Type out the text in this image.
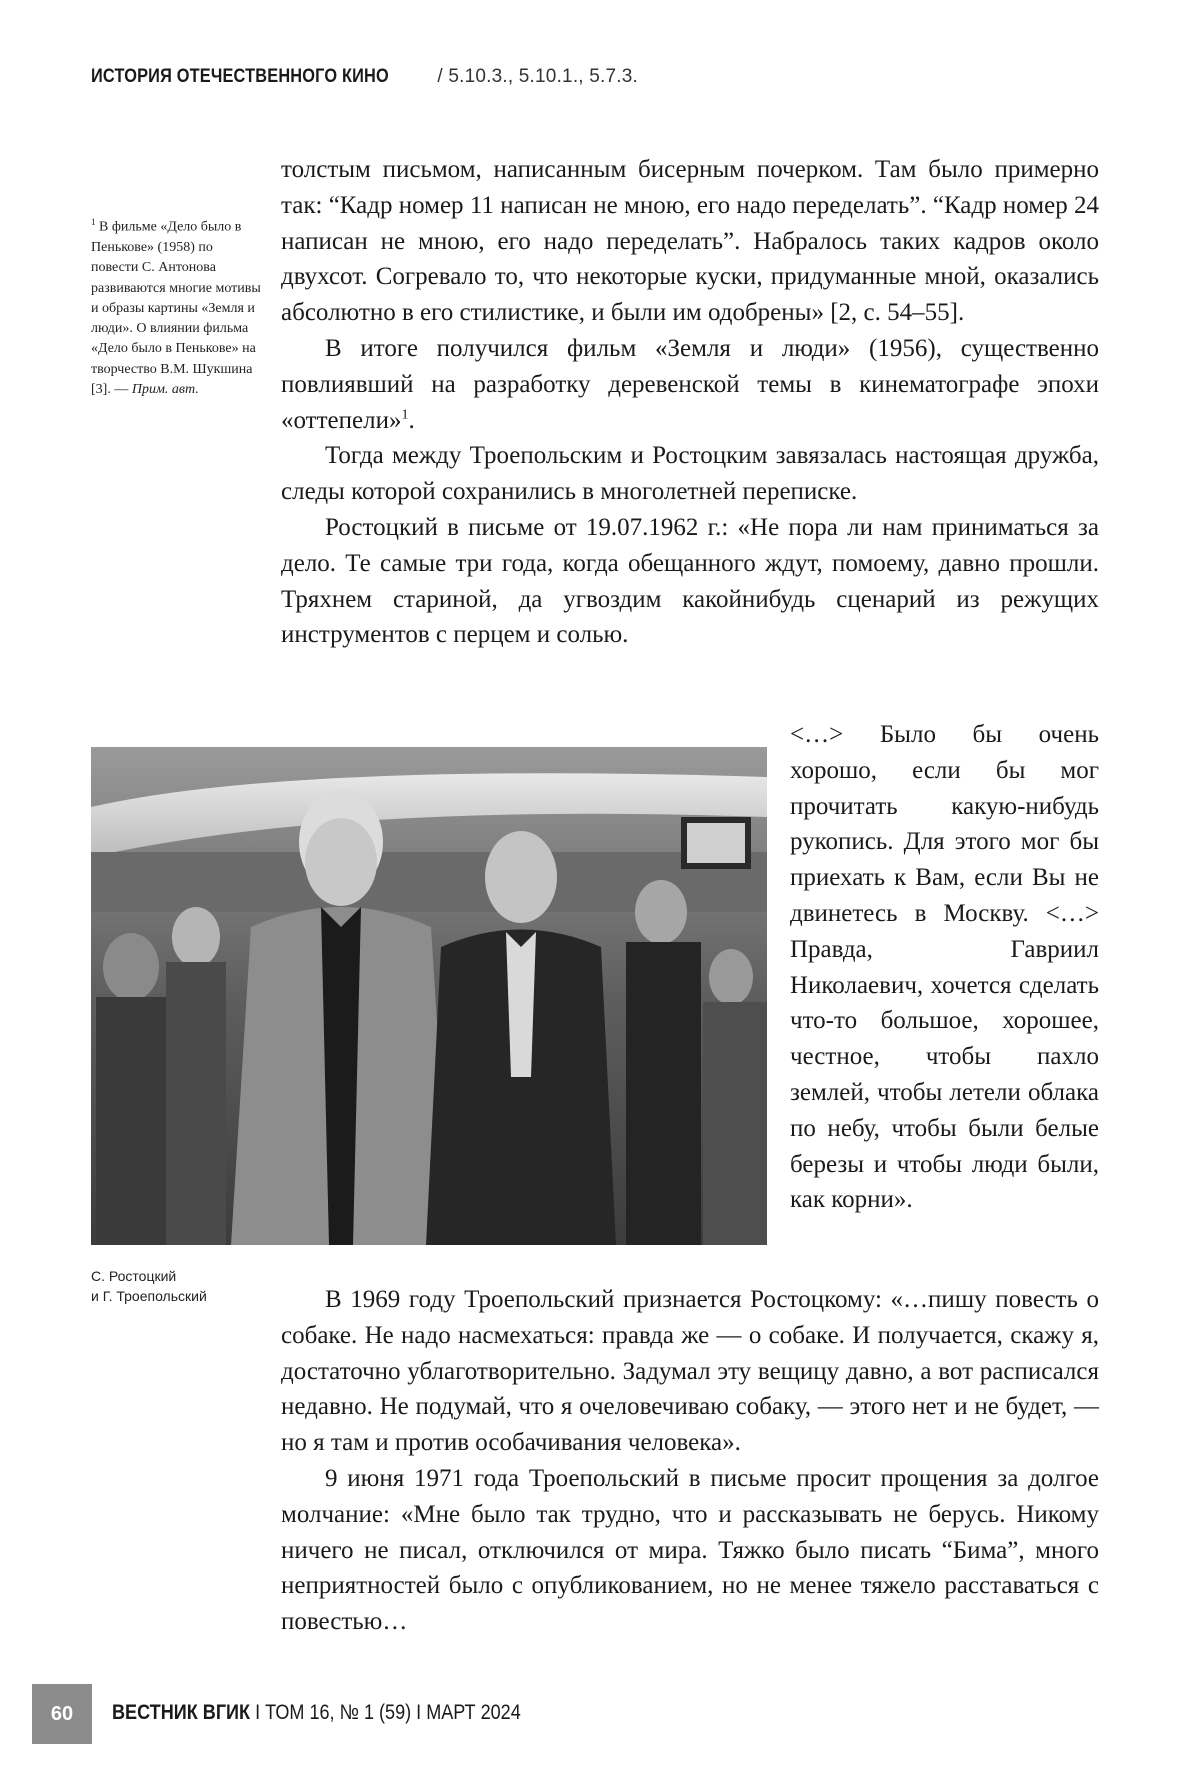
ИСТОРИЯ ОТЕЧЕСТВЕННОГО КИНО	/ 5.10.3., 5.10.1., 5.7.3.
$^1$ В фильме «Дело было в Пенькове» (1958) по повести С. Антонова развиваются многие мотивы и образы картины «Земля и люди». О влиянии фильма «Дело было в Пенькове» на творчество В.М. Шукшина [3]. — Прим. авт.

толстым письмом, написанным бисерным почерком. Там было примерно так: “Кадр номер 11 написан не мною, его надо переделать”. “Кадр номер 24 написан не мною, его надо переделать”. Набралось таких кадров около двухсот. Согревало то, что некоторые куски, придуманные мной, оказались абсолютно в его стилистике, и были им одобрены» [2, с. 54–55].

В итоге получился фильм «Земля и люди» (1956), существенно повлиявший на разработку деревенской темы в кинематографе эпохи «оттепели»$^1$.

Тогда между Троепольским и Ростоцким завязалась настоящая дружба, следы которой сохранились в многолетней переписке.

Ростоцкий в письме от 19.07.1962 г.: «Не пора ли нам приниматься за дело. Те самые три года, когда обещанного ждут, помоему, давно прошли. Тряхнем стариной, да угвоздим какойнибудь сценарий из режущих инструментов с перцем и солью.

<…> Было бы очень хорошо, если бы мог прочитать какую-нибудь рукопись. Для этого мог бы приехать к Вам, если Вы не двинетесь в Москву. <…> Правда, Гавриил Николаевич, хочется сделать что-то большое, хорошее, честное, чтобы пахло землей, чтобы летели облака по небу, чтобы были белые березы и чтобы люди были, как корни».

С. Ростоцкий
и Г. Троепольский	В 1969 году Троепольский признается Ростоцкому: «…пишу повесть о собаке. Не надо насмехаться: правда же — о собаке. И получается, скажу я, достаточно ублаготворительно. Задумал эту вещицу давно, а вот расписался недавно. Не подумай, что я очеловечиваю собаку, — этого нет и не будет, — но я там и против особачивания человека».

9 июня 1971 года Троепольский в письме просит прощения за долгое молчание: «Мне было так трудно, что и рассказывать не берусь. Никому ничего не писал, отключился от мира. Тяжко было писать “Бима”, много неприятностей было с опубликованием, но не менее тяжело расставаться с повестью…

60	ВЕСТНИК ВГИК I ТОМ 16, № 1 (59) I МАРТ 2024
